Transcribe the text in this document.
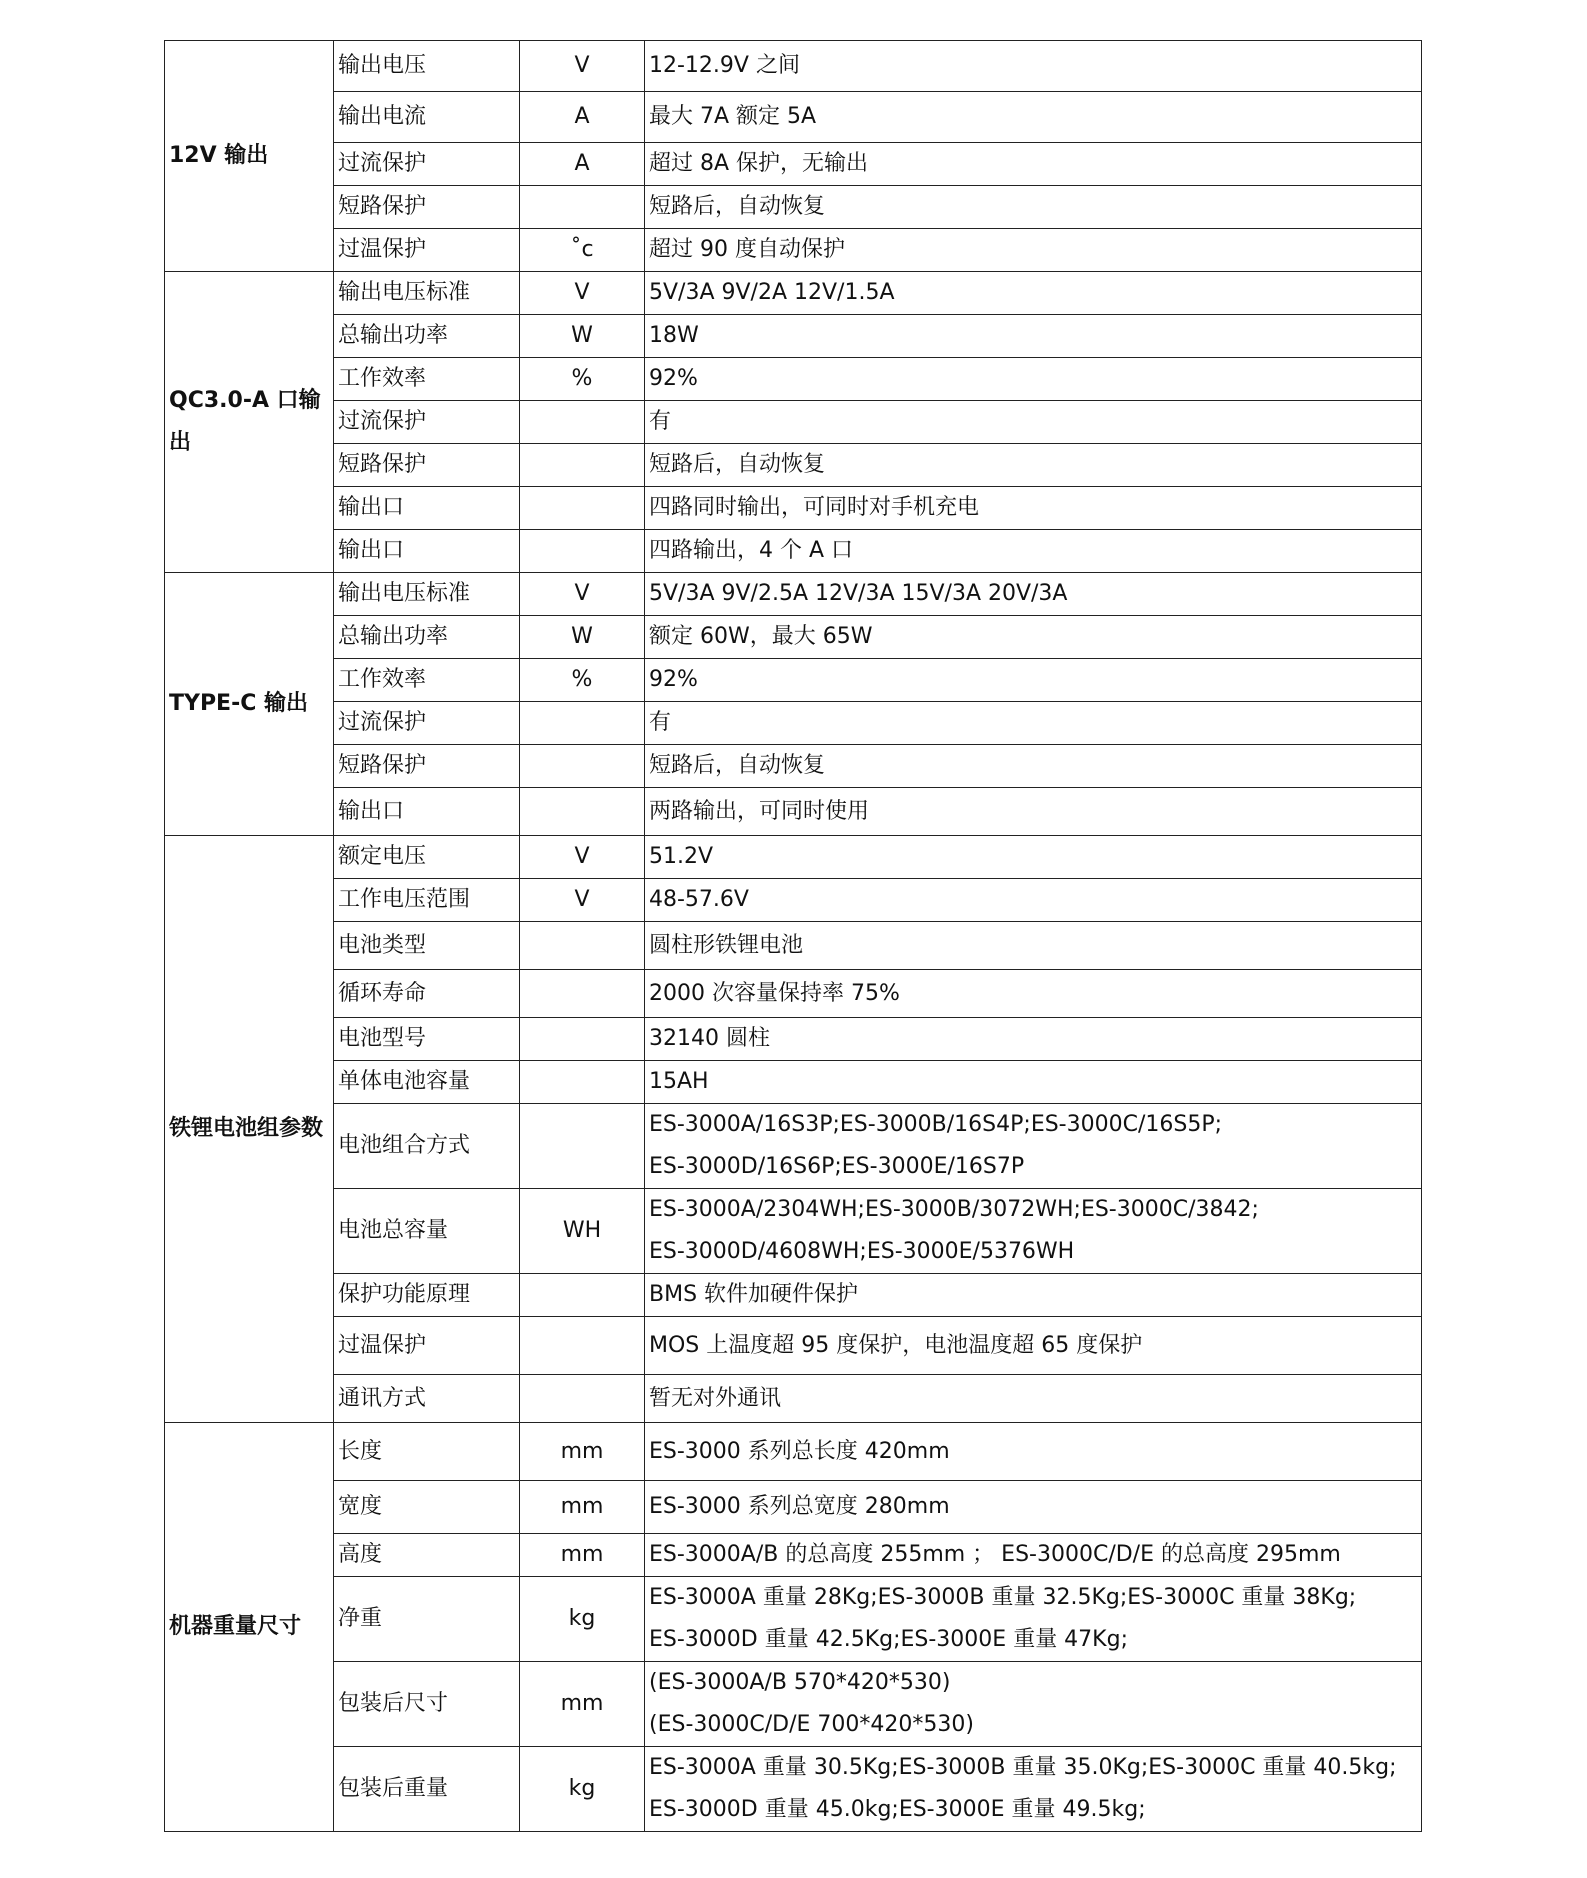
12V 输出	输出电压	V	12-12.9V 之间

	输出电流	A	最大 7A 额定 5A

	过流保护	A	超过 8A 保护，无输出

	短路保护		短路后，自动恢复

	过温保护	˚c	超过 90 度自动保护

QC3.0-A 口输出	输出电压标准	V	5V/3A 9V/2A 12V/1.5A

	总输出功率	W	18W

	工作效率	%	92%

	过流保护		有

	短路保护		短路后，自动恢复

	输出口		四路同时输出，可同时对手机充电

	输出口		四路输出，4 个 A 口

TYPE-C 输出	输出电压标准	V	5V/3A 9V/2.5A 12V/3A 15V/3A 20V/3A

	总输出功率	W	额定 60W，最大 65W

	工作效率	%	92%

	过流保护		有

	短路保护		短路后，自动恢复

	输出口		两路输出，可同时使用

铁锂电池组参数	额定电压	V	51.2V

	工作电压范围	V	48-57.6V

	电池类型		圆柱形铁锂电池

	循环寿命		2000 次容量保持率 75%

	电池型号		32140 圆柱

	单体电池容量		15AH

	电池组合方式		ES-3000A/16S3P;ES-3000B/16S4P;ES-3000C/16S5P;
ES-3000D/16S6P;ES-3000E/16S7P

	电池总容量	WH	ES-3000A/2304WH;ES-3000B/3072WH;ES-3000C/3842;
ES-3000D/4608WH;ES-3000E/5376WH

	保护功能原理		BMS 软件加硬件保护

	过温保护		MOS 上温度超 95 度保护，电池温度超 65 度保护

	通讯方式		暂无对外通讯

机器重量尺寸	长度	mm	ES-3000 系列总长度 420mm

	宽度	mm	ES-3000 系列总宽度 280mm

	高度	mm	ES-3000A/B 的总高度 255mm ； ES-3000C/D/E 的总高度 295mm

	净重	kg	ES-3000A 重量 28Kg;ES-3000B 重量 32.5Kg;ES-3000C 重量 38Kg;
ES-3000D 重量 42.5Kg;ES-3000E 重量 47Kg;

	包装后尺寸	mm	(ES-3000A/B 570*420*530)
(ES-3000C/D/E 700*420*530)

	包装后重量	kg	ES-3000A 重量 30.5Kg;ES-3000B 重量 35.0Kg;ES-3000C 重量 40.5kg;
ES-3000D 重量 45.0kg;ES-3000E 重量 49.5kg;
